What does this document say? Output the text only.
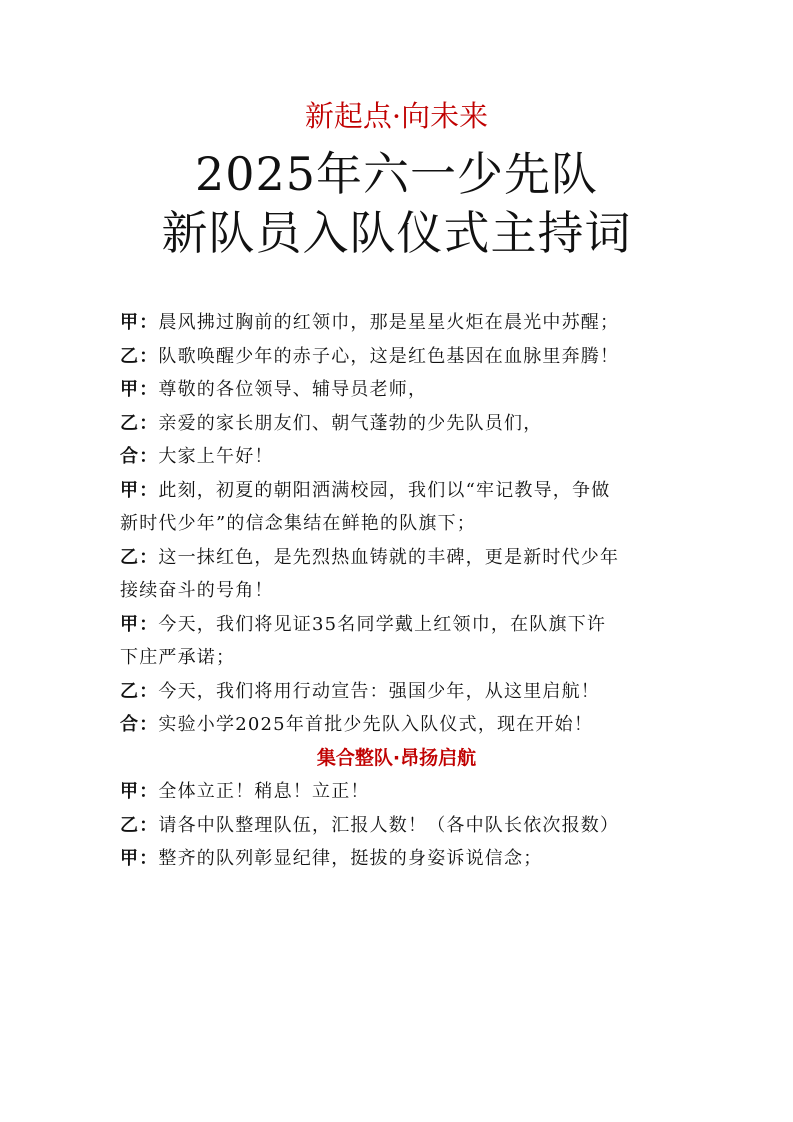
新起点·向未来
2025年六一少先队
新队员入队仪式主持词
甲：晨风拂过胸前的红领巾，那是星星火炬在晨光中苏醒；
乙：队歌唤醒少年的赤子心，这是红色基因在血脉里奔腾！
甲：尊敬的各位领导、辅导员老师，
乙：亲爱的家长朋友们、朝气蓬勃的少先队员们，
合：大家上午好！
甲：此刻，初夏的朝阳洒满校园，我们以“牢记教导，争做
新时代少年”的信念集结在鲜艳的队旗下；
乙：这一抹红色，是先烈热血铸就的丰碑，更是新时代少年
接续奋斗的号角！
甲：今天，我们将见证35名同学戴上红领巾，在队旗下许
下庄严承诺；
乙：今天，我们将用行动宣告：强国少年，从这里启航！
合：实验小学2025年首批少先队入队仪式，现在开始！
集合整队·昂扬启航
甲：全体立正！稍息！立正！
乙：请各中队整理队伍，汇报人数！（各中队长依次报数）
甲：整齐的队列彰显纪律，挺拔的身姿诉说信念；
